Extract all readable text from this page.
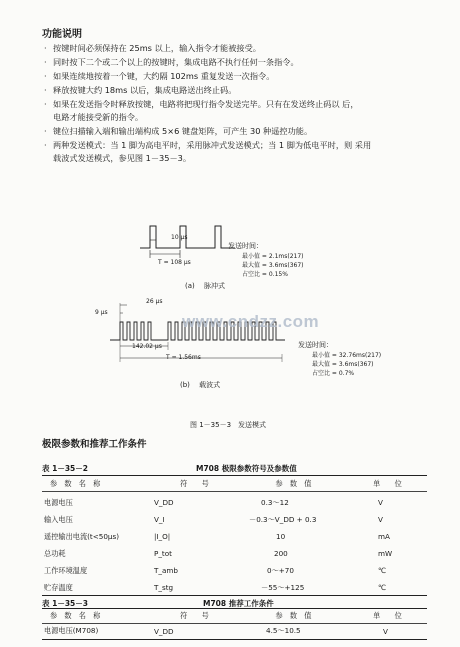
功能说明
· 按键时间必须保持在 25ms 以上，输入指令才能被接受。
· 同时按下二个或二个以上的按键时，集成电路不执行任何一条指令。
· 如果连续地按着一个键，大约隔 102ms 重复发送一次指令。
· 释放按键大约 18ms 以后，集成电路送出终止码。
· 如果在发送指令时释放按键，电路将把现行指令发送完毕。只有在发送终止码以 后，
电路才能接受新的指令。
· 键位扫描输入端和输出端构成 5×6 键盘矩阵，可产生 30 种遥控功能。
· 两种发送模式：当 1 脚为高电平时，采用脉冲式发送模式；当 1 脚为低电平时，则 采用
载波式发送模式，参见图 1－35－3。
10 μs
T = 108 μs
发送时间：
最小值 = 2.1ms(217)
最大值 = 3.6ms(367)
占空比 = 0.15%
(a)　 脉冲式
9 μs
26 μs
142.02 μs
T = 1.56ms
发送时间：
最小值 = 32.76ms(217)
最大值 = 3.6ms(367)
占空比 = 0.7%
(b)　 载波式
www.cndzz.com
图 1－35－3　发送模式
极限参数和推荐工作条件
表 1－35－2	M708 极限参数符号及参数值
参　数　名　称	符　　号	参　数　值	单　　位
电源电压	V_DD	0.3～12	V
输入电压	V_I	－0.3～V_DD + 0.3	V
遥控输出电流(t<50μs)	|I_O|	10	mA
总功耗	P_tot	200	mW
工作环境温度	T_amb	0～+70	℃
贮存温度	T_stg	－55～+125	℃
表 1－35－3	M708 推荐工作条件
参　数　名　称	符　　号	参　数　值	单　　位
电源电压(M708)	V_DD	4.5～10.5	V
